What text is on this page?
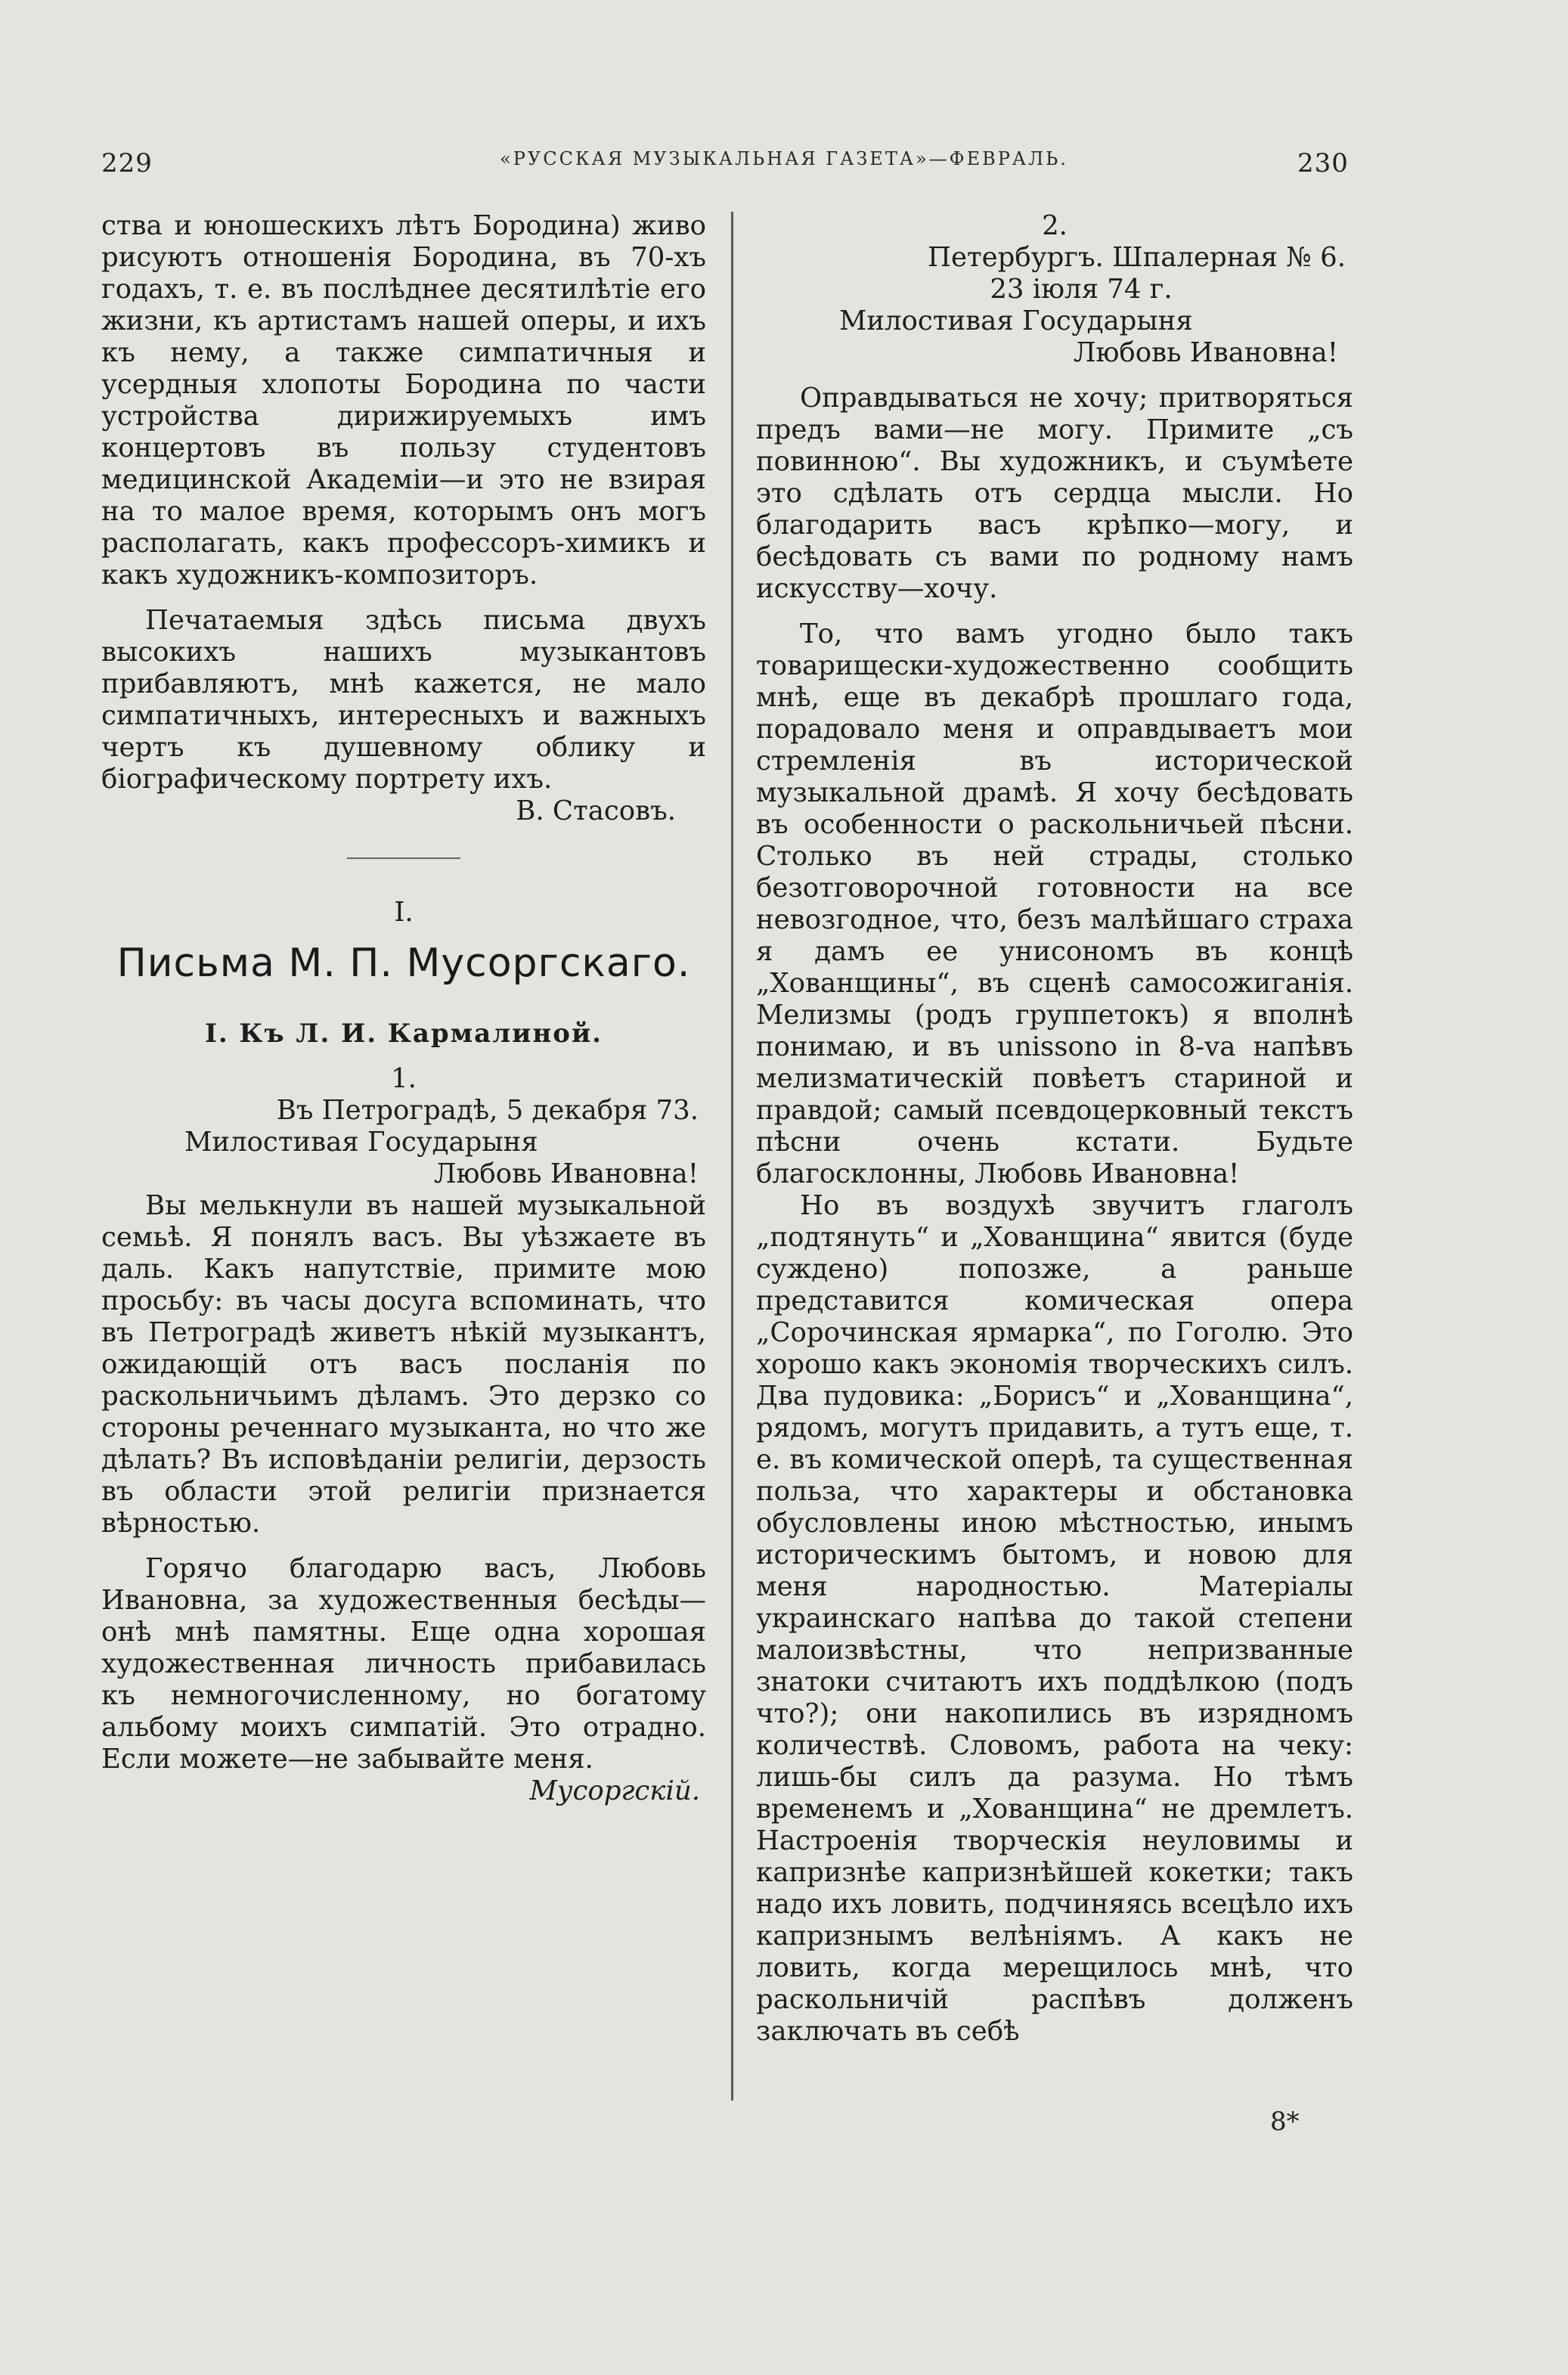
229	«РУССКАЯ МУЗЫКАЛЬНАЯ ГАЗЕТА»—ФЕВРАЛЬ.	230

ства и юношескихъ лѣтъ Бородина) живо рисуютъ отношенія Бородина, въ 70-хъ годахъ, т. е. въ послѣднее десятилѣтіе его жизни, къ артистамъ нашей оперы, и ихъ къ нему, а также симпатичныя и усердныя хлопоты Бородина по части устройства дирижируемыхъ имъ концертовъ въ пользу студентовъ медицинской Академіи—и это не взирая на то малое время, которымъ онъ могъ располагать, какъ профессоръ-химикъ и какъ художникъ-композиторъ.

Печатаемыя здѣсь письма двухъ высокихъ нашихъ музыкантовъ прибавляютъ, мнѣ кажется, не мало симпатичныхъ, интересныхъ и важныхъ чертъ къ душевному облику и біографическому портрету ихъ.

В. Стасовъ.

I.

Письма М. П. Мусоргскаго.

I. Къ Л. И. Кармалиной.

1.

Въ Петроградѣ, 5 декабря 73.

Милостивая Государыня

Любовь Ивановна!

Вы мелькнули въ нашей музыкальной семьѣ. Я понялъ васъ. Вы уѣзжаете въ даль. Какъ напутствіе, примите мою просьбу: въ часы досуга вспоминать, что въ Петроградѣ живетъ нѣкій музыкантъ, ожидающій отъ васъ посланія по раскольничьимъ дѣламъ. Это дерзко со стороны реченнаго музыканта, но что же дѣлать? Въ исповѣданіи религіи, дерзость въ области этой религіи признается вѣрностью.

Горячо благодарю васъ, Любовь Ивановна, за художественныя бесѣды—онѣ мнѣ памятны. Еще одна хорошая художественная личность прибавилась къ немногочисленному, но богатому альбому моихъ симпатій. Это отрадно. Если можете—не забывайте меня.

Мусоргскій.

2.

Петербургъ. Шпалерная № 6.

23 іюля 74 г.

Милостивая Государыня

Любовь Ивановна!

Оправдываться не хочу; притворяться предъ вами—не могу. Примите „съ повинною“. Вы художникъ, и съумѣете это сдѣлать отъ сердца мысли. Но благодарить васъ крѣпко—могу, и бесѣдовать съ вами по родному намъ искусству—хочу.

То, что вамъ угодно было такъ товарищески-художественно сообщить мнѣ, еще въ декабрѣ прошлаго года, порадовало меня и оправдываетъ мои стремленія въ исторической музыкальной драмѣ. Я хочу бесѣдовать въ особенности о раскольничьей пѣсни. Столько въ ней страды, столько безотговорочной готовности на все невозгодное, что, безъ малѣйшаго страха я дамъ ее унисономъ въ концѣ „Хованщины“, въ сценѣ самосожиганія. Мелизмы (родъ группетокъ) я вполнѣ понимаю, и въ unissono in 8-va напѣвъ мелизматическій повѣетъ стариной и правдой; самый псевдоцерковный текстъ пѣсни очень кстати. Будьте благосклонны, Любовь Ивановна!

Но въ воздухѣ звучитъ глаголъ „подтянуть“ и „Хованщина“ явится (буде суждено) попозже, а раньше представится комическая опера „Сорочинская ярмарка“, по Гоголю. Это хорошо какъ экономія творческихъ силъ. Два пудовика: „Борисъ“ и „Хованщина“, рядомъ, могутъ придавить, а тутъ еще, т. е. въ комической оперѣ, та существенная польза, что характеры и обстановка обусловлены иною мѣстностью, инымъ историческимъ бытомъ, и новою для меня народностью. Матеріалы украинскаго напѣва до такой степени малоизвѣстны, что непризванные знатоки считаютъ ихъ поддѣлкою (подъ что?); они накопились въ изрядномъ количествѣ. Словомъ, работа на чеку: лишь-бы силъ да разума. Но тѣмъ временемъ и „Хованщина“ не дремлетъ. Настроенія творческія неуловимы и капризнѣе капризнѣйшей кокетки; такъ надо ихъ ловить, подчиняясь всецѣло ихъ капризнымъ велѣніямъ. А какъ не ловить, когда мерещилось мнѣ, что раскольничій распѣвъ долженъ заключать въ себѣ

8*
